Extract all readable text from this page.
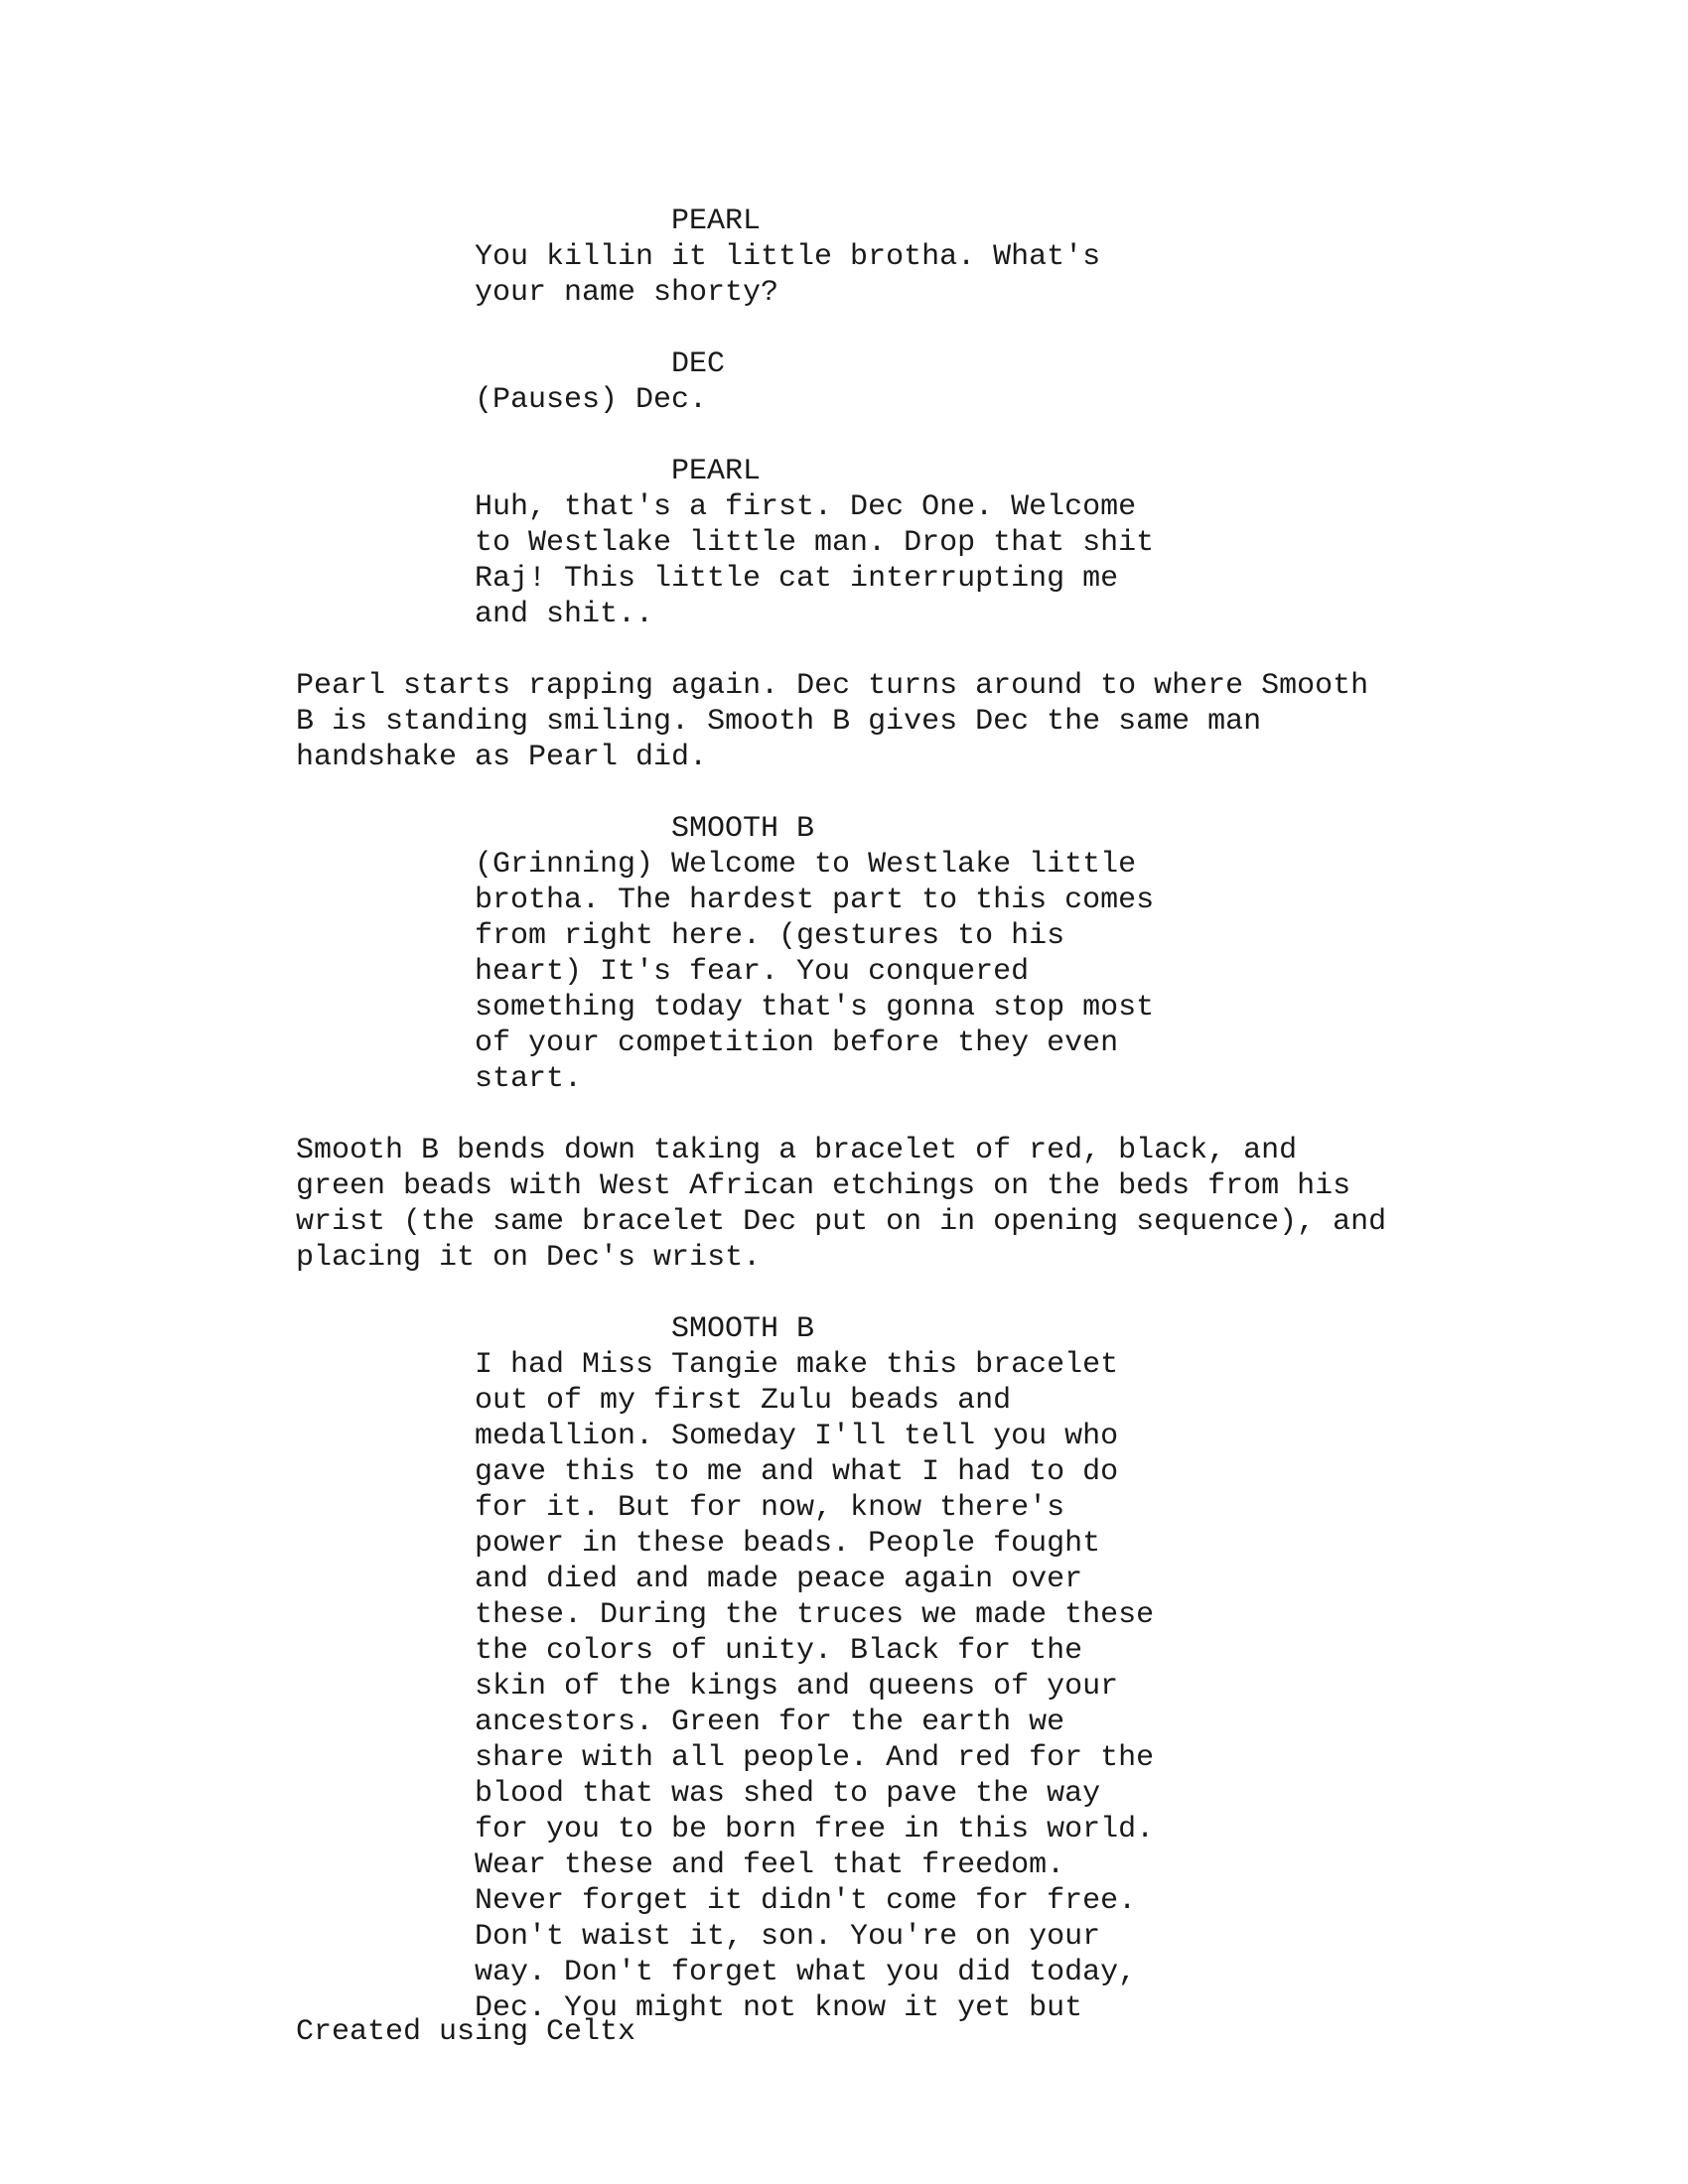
PEARL
You killin it little brotha. What's
your name shorty?
DEC
(Pauses) Dec.
PEARL
Huh, that's a first. Dec One. Welcome
to Westlake little man. Drop that shit
Raj! This little cat interrupting me
and shit..
Pearl starts rapping again. Dec turns around to where Smooth
B is standing smiling. Smooth B gives Dec the same man
handshake as Pearl did.
SMOOTH B
(Grinning) Welcome to Westlake little
brotha. The hardest part to this comes
from right here. (gestures to his
heart) It's fear. You conquered
something today that's gonna stop most
of your competition before they even
start.
Smooth B bends down taking a bracelet of red, black, and
green beads with West African etchings on the beds from his
wrist (the same bracelet Dec put on in opening sequence), and
placing it on Dec's wrist.
SMOOTH B
I had Miss Tangie make this bracelet
out of my first Zulu beads and
medallion. Someday I'll tell you who
gave this to me and what I had to do
for it. But for now, know there's
power in these beads. People fought
and died and made peace again over
these. During the truces we made these
the colors of unity. Black for the
skin of the kings and queens of your
ancestors. Green for the earth we
share with all people. And red for the
blood that was shed to pave the way
for you to be born free in this world.
Wear these and feel that freedom.
Never forget it didn't come for free.
Don't waist it, son. You're on your
way. Don't forget what you did today,
Dec. You might not know it yet but
Created using Celtx
